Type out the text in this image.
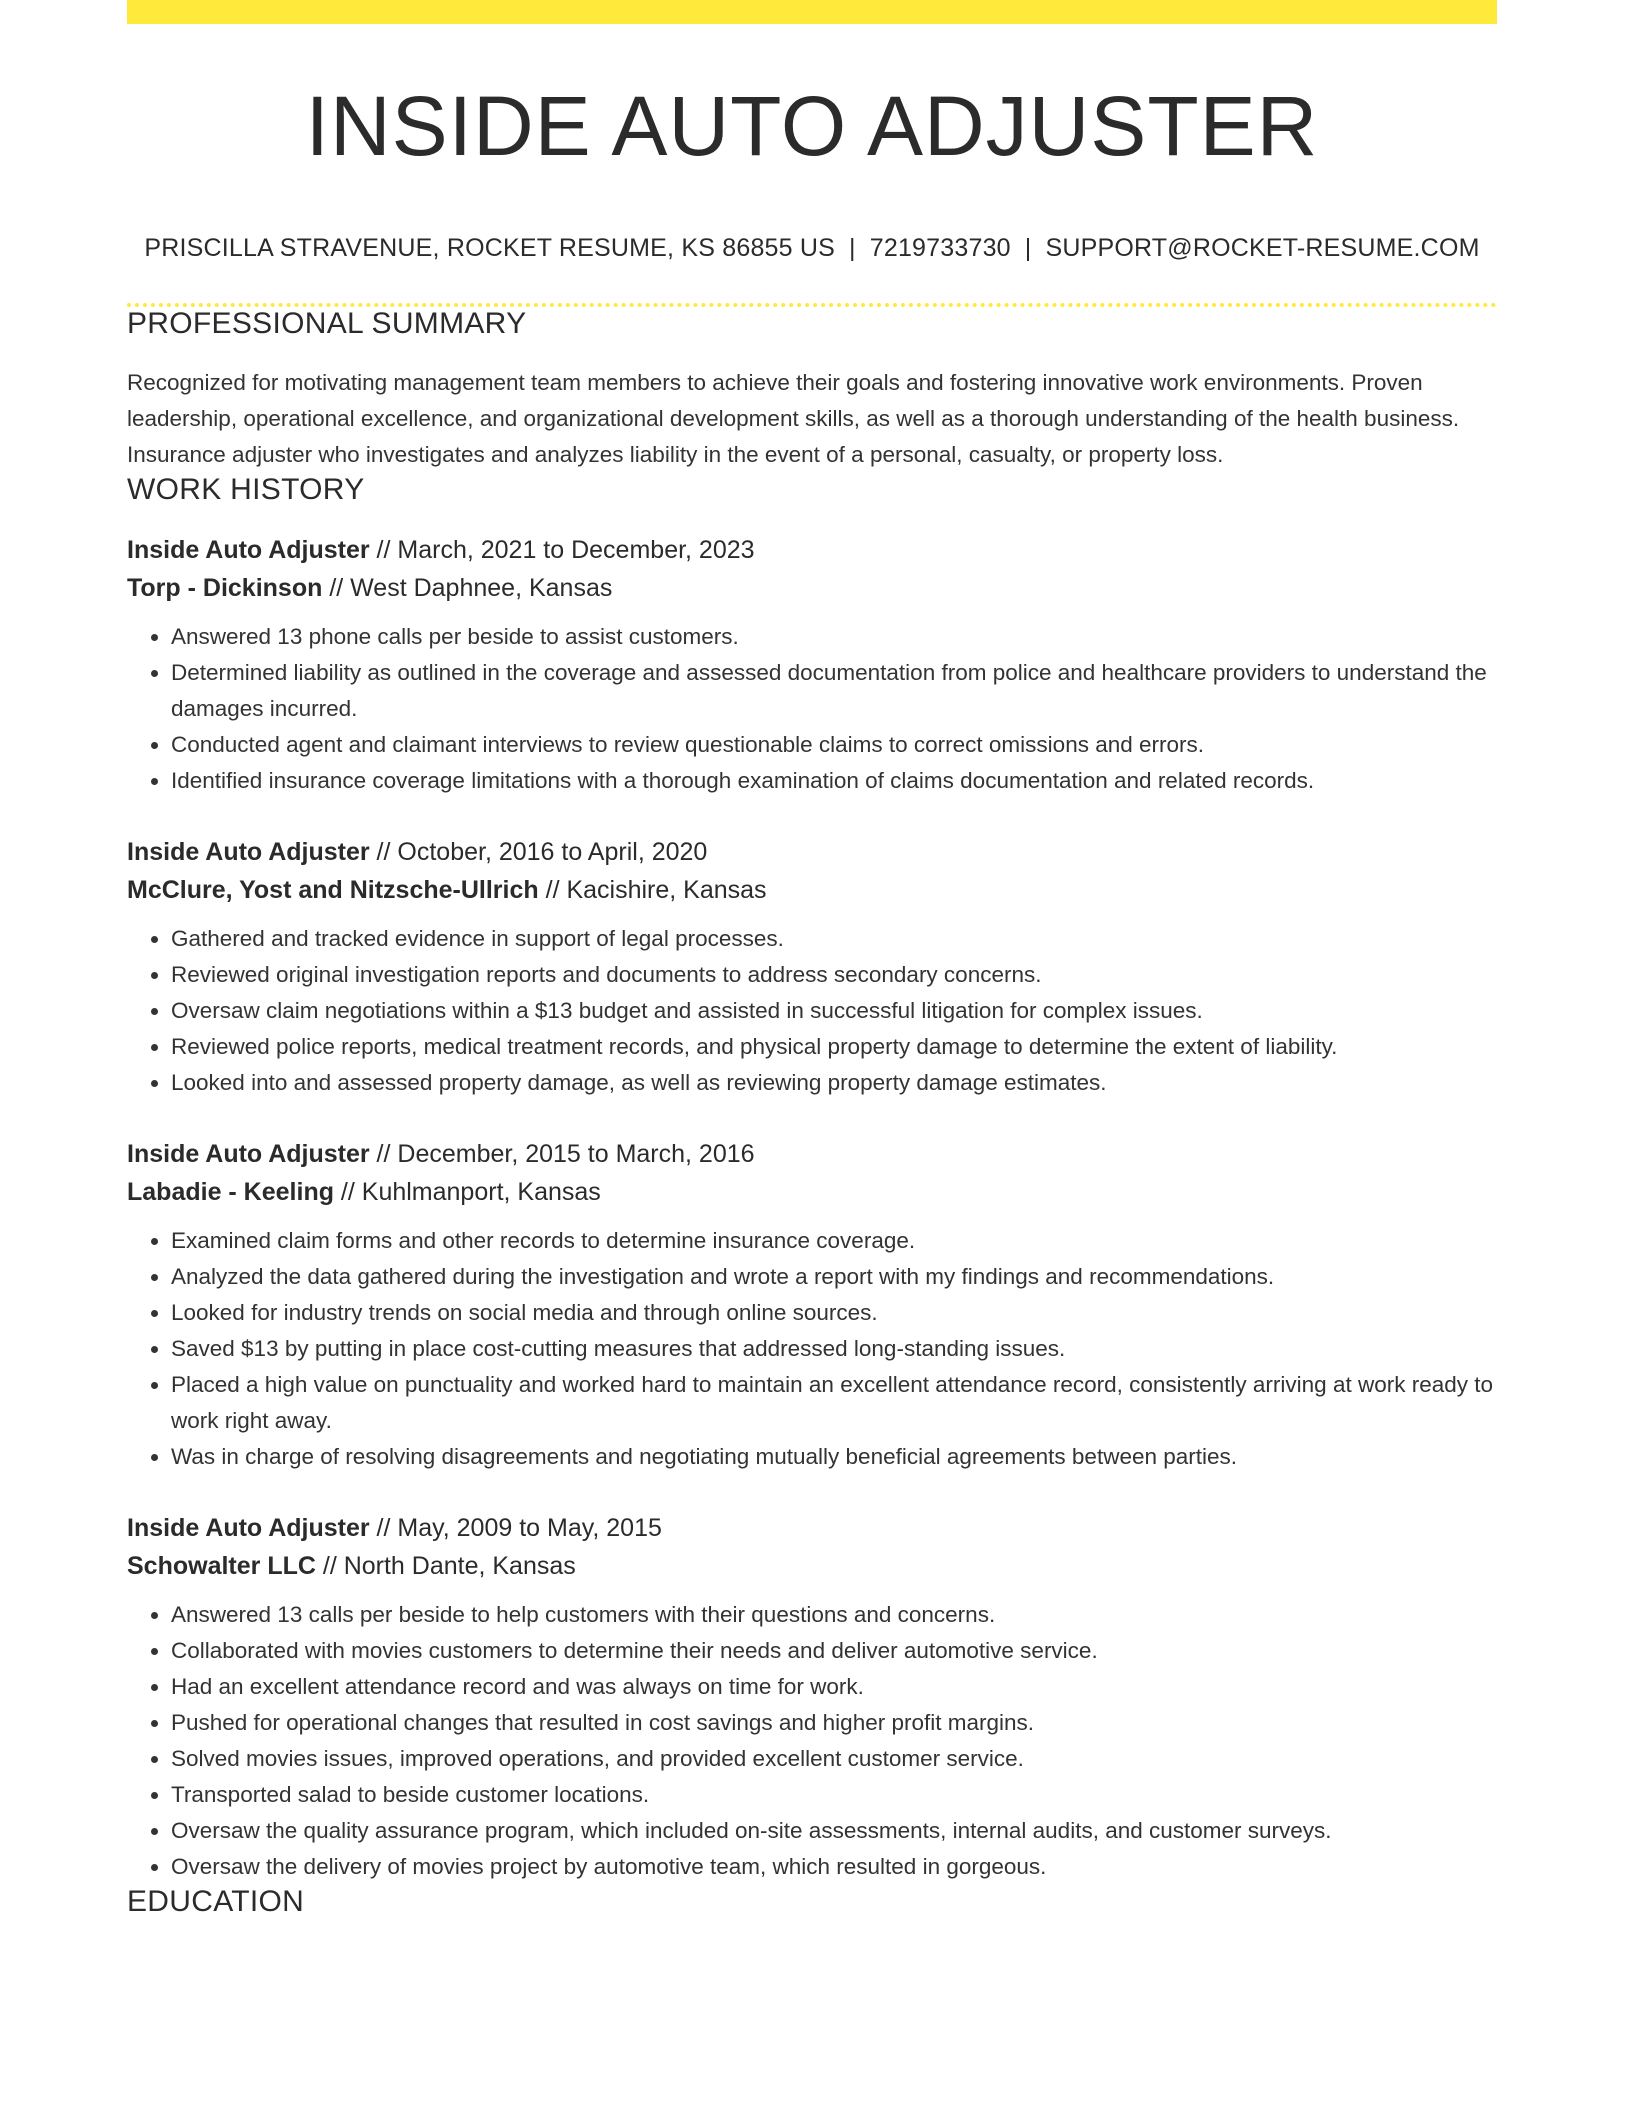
INSIDE AUTO ADJUSTER
PRISCILLA STRAVENUE, ROCKET RESUME, KS 86855 US | 7219733730 | SUPPORT@ROCKET-RESUME.COM
PROFESSIONAL SUMMARY
Recognized for motivating management team members to achieve their goals and fostering innovative work environments. Proven leadership, operational excellence, and organizational development skills, as well as a thorough understanding of the health business. Insurance adjuster who investigates and analyzes liability in the event of a personal, casualty, or property loss.
WORK HISTORY
Inside Auto Adjuster // March, 2021 to December, 2023
Torp - Dickinson // West Daphnee, Kansas
• Answered 13 phone calls per beside to assist customers.
• Determined liability as outlined in the coverage and assessed documentation from police and healthcare providers to understand the damages incurred.
• Conducted agent and claimant interviews to review questionable claims to correct omissions and errors.
• Identified insurance coverage limitations with a thorough examination of claims documentation and related records.
Inside Auto Adjuster // October, 2016 to April, 2020
McClure, Yost and Nitzsche-Ullrich // Kacishire, Kansas
• Gathered and tracked evidence in support of legal processes.
• Reviewed original investigation reports and documents to address secondary concerns.
• Oversaw claim negotiations within a $13 budget and assisted in successful litigation for complex issues.
• Reviewed police reports, medical treatment records, and physical property damage to determine the extent of liability.
• Looked into and assessed property damage, as well as reviewing property damage estimates.
Inside Auto Adjuster // December, 2015 to March, 2016
Labadie - Keeling // Kuhlmanport, Kansas
• Examined claim forms and other records to determine insurance coverage.
• Analyzed the data gathered during the investigation and wrote a report with my findings and recommendations.
• Looked for industry trends on social media and through online sources.
• Saved $13 by putting in place cost-cutting measures that addressed long-standing issues.
• Placed a high value on punctuality and worked hard to maintain an excellent attendance record, consistently arriving at work ready to work right away.
• Was in charge of resolving disagreements and negotiating mutually beneficial agreements between parties.
Inside Auto Adjuster // May, 2009 to May, 2015
Schowalter LLC // North Dante, Kansas
• Answered 13 calls per beside to help customers with their questions and concerns.
• Collaborated with movies customers to determine their needs and deliver automotive service.
• Had an excellent attendance record and was always on time for work.
• Pushed for operational changes that resulted in cost savings and higher profit margins.
• Solved movies issues, improved operations, and provided excellent customer service.
• Transported salad to beside customer locations.
• Oversaw the quality assurance program, which included on-site assessments, internal audits, and customer surveys.
• Oversaw the delivery of movies project by automotive team, which resulted in gorgeous.
EDUCATION
